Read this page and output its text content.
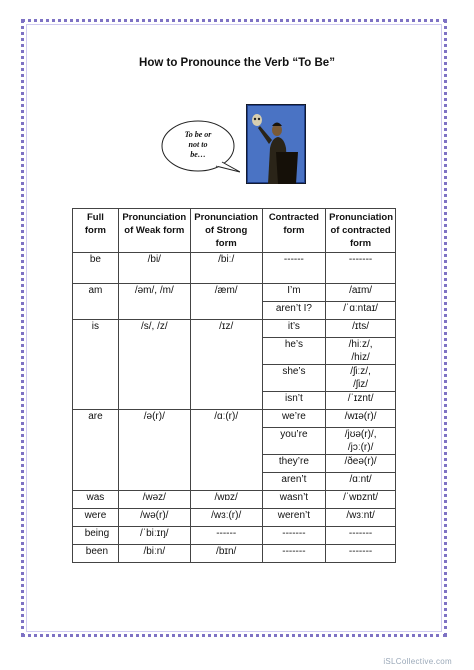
How to Pronounce the Verb “To Be”
To be or
not to
be…
Full form	Pronunciation of Weak form	Pronunciation of Strong form	Contracted form	Pronunciation of contracted form
be	/bi/	/biː/	------	-------
am	/əm/, /m/	/æm/	I’m	/aɪm/
			aren’t I?	/ˈɑːntaɪ/
is	/s/, /z/	/ɪz/	it’s	/ɪts/
			he’s	/hiːz/,
/hiz/

			she’s	/ʃiːz/,
/ʃiz/

			isn’t	/ˈɪznt/
are	/ə(r)/	/ɑː(r)/	we’re	/wɪə(r)/
			you’re	/jʊə(r)/,
/jɔː(r)/

			they’re	/ðeə(r)/
			aren’t	/ɑːnt/
was	/wəz/	/wɒz/	wasn’t	/ˈwɒznt/
were	/wə(r)/	/wɜː(r)/	weren’t	/wɜːnt/
being	/ˈbiːɪŋ/	------	-------	-------
been	/biːn/	/bɪn/	-------	-------
iSLCollective.com
